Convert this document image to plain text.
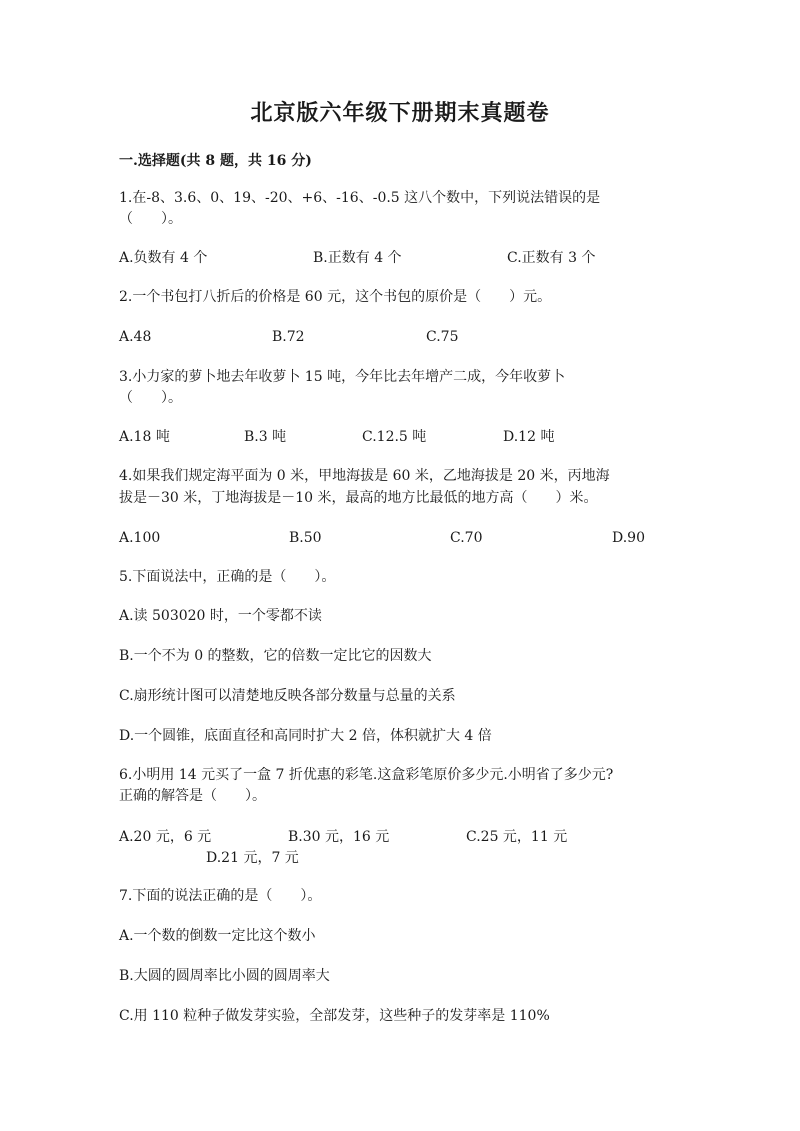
北京版六年级下册期末真题卷
一.选择题(共 8 题，共 16 分)
1.在-8、3.6、0、19、-20、+6、-16、-0.5 这八个数中，下列说法错误的是
（　　）。
A.负数有 4 个	B.正数有 4 个	C.正数有 3 个
2.一个书包打八折后的价格是 60 元，这个书包的原价是（　　）元。
A.48	B.72	C.75
3.小力家的萝卜地去年收萝卜 15 吨，今年比去年增产二成，今年收萝卜
（　　）。
A.18 吨	B.3 吨	C.12.5 吨	D.12 吨
4.如果我们规定海平面为 0 米，甲地海拔是 60 米，乙地海拔是 20 米，丙地海
拔是－30 米，丁地海拔是－10 米，最高的地方比最低的地方高（　　）米。
A.100	B.50	C.70	D.90
5.下面说法中，正确的是（　　）。
A.读 503020 时，一个零都不读
B.一个不为 0 的整数，它的倍数一定比它的因数大
C.扇形统计图可以清楚地反映各部分数量与总量的关系
D.一个圆锥，底面直径和高同时扩大 2 倍，体积就扩大 4 倍
6.小明用 14 元买了一盒 7 折优惠的彩笔.这盒彩笔原价多少元.小明省了多少元?
正确的解答是（　　）。
A.20 元，6 元	B.30 元，16 元	C.25 元，11 元
D.21 元，7 元
7.下面的说法正确的是（　　）。
A.一个数的倒数一定比这个数小
B.大圆的圆周率比小圆的圆周率大
C.用 110 粒种子做发芽实验，全部发芽，这些种子的发芽率是 110%
